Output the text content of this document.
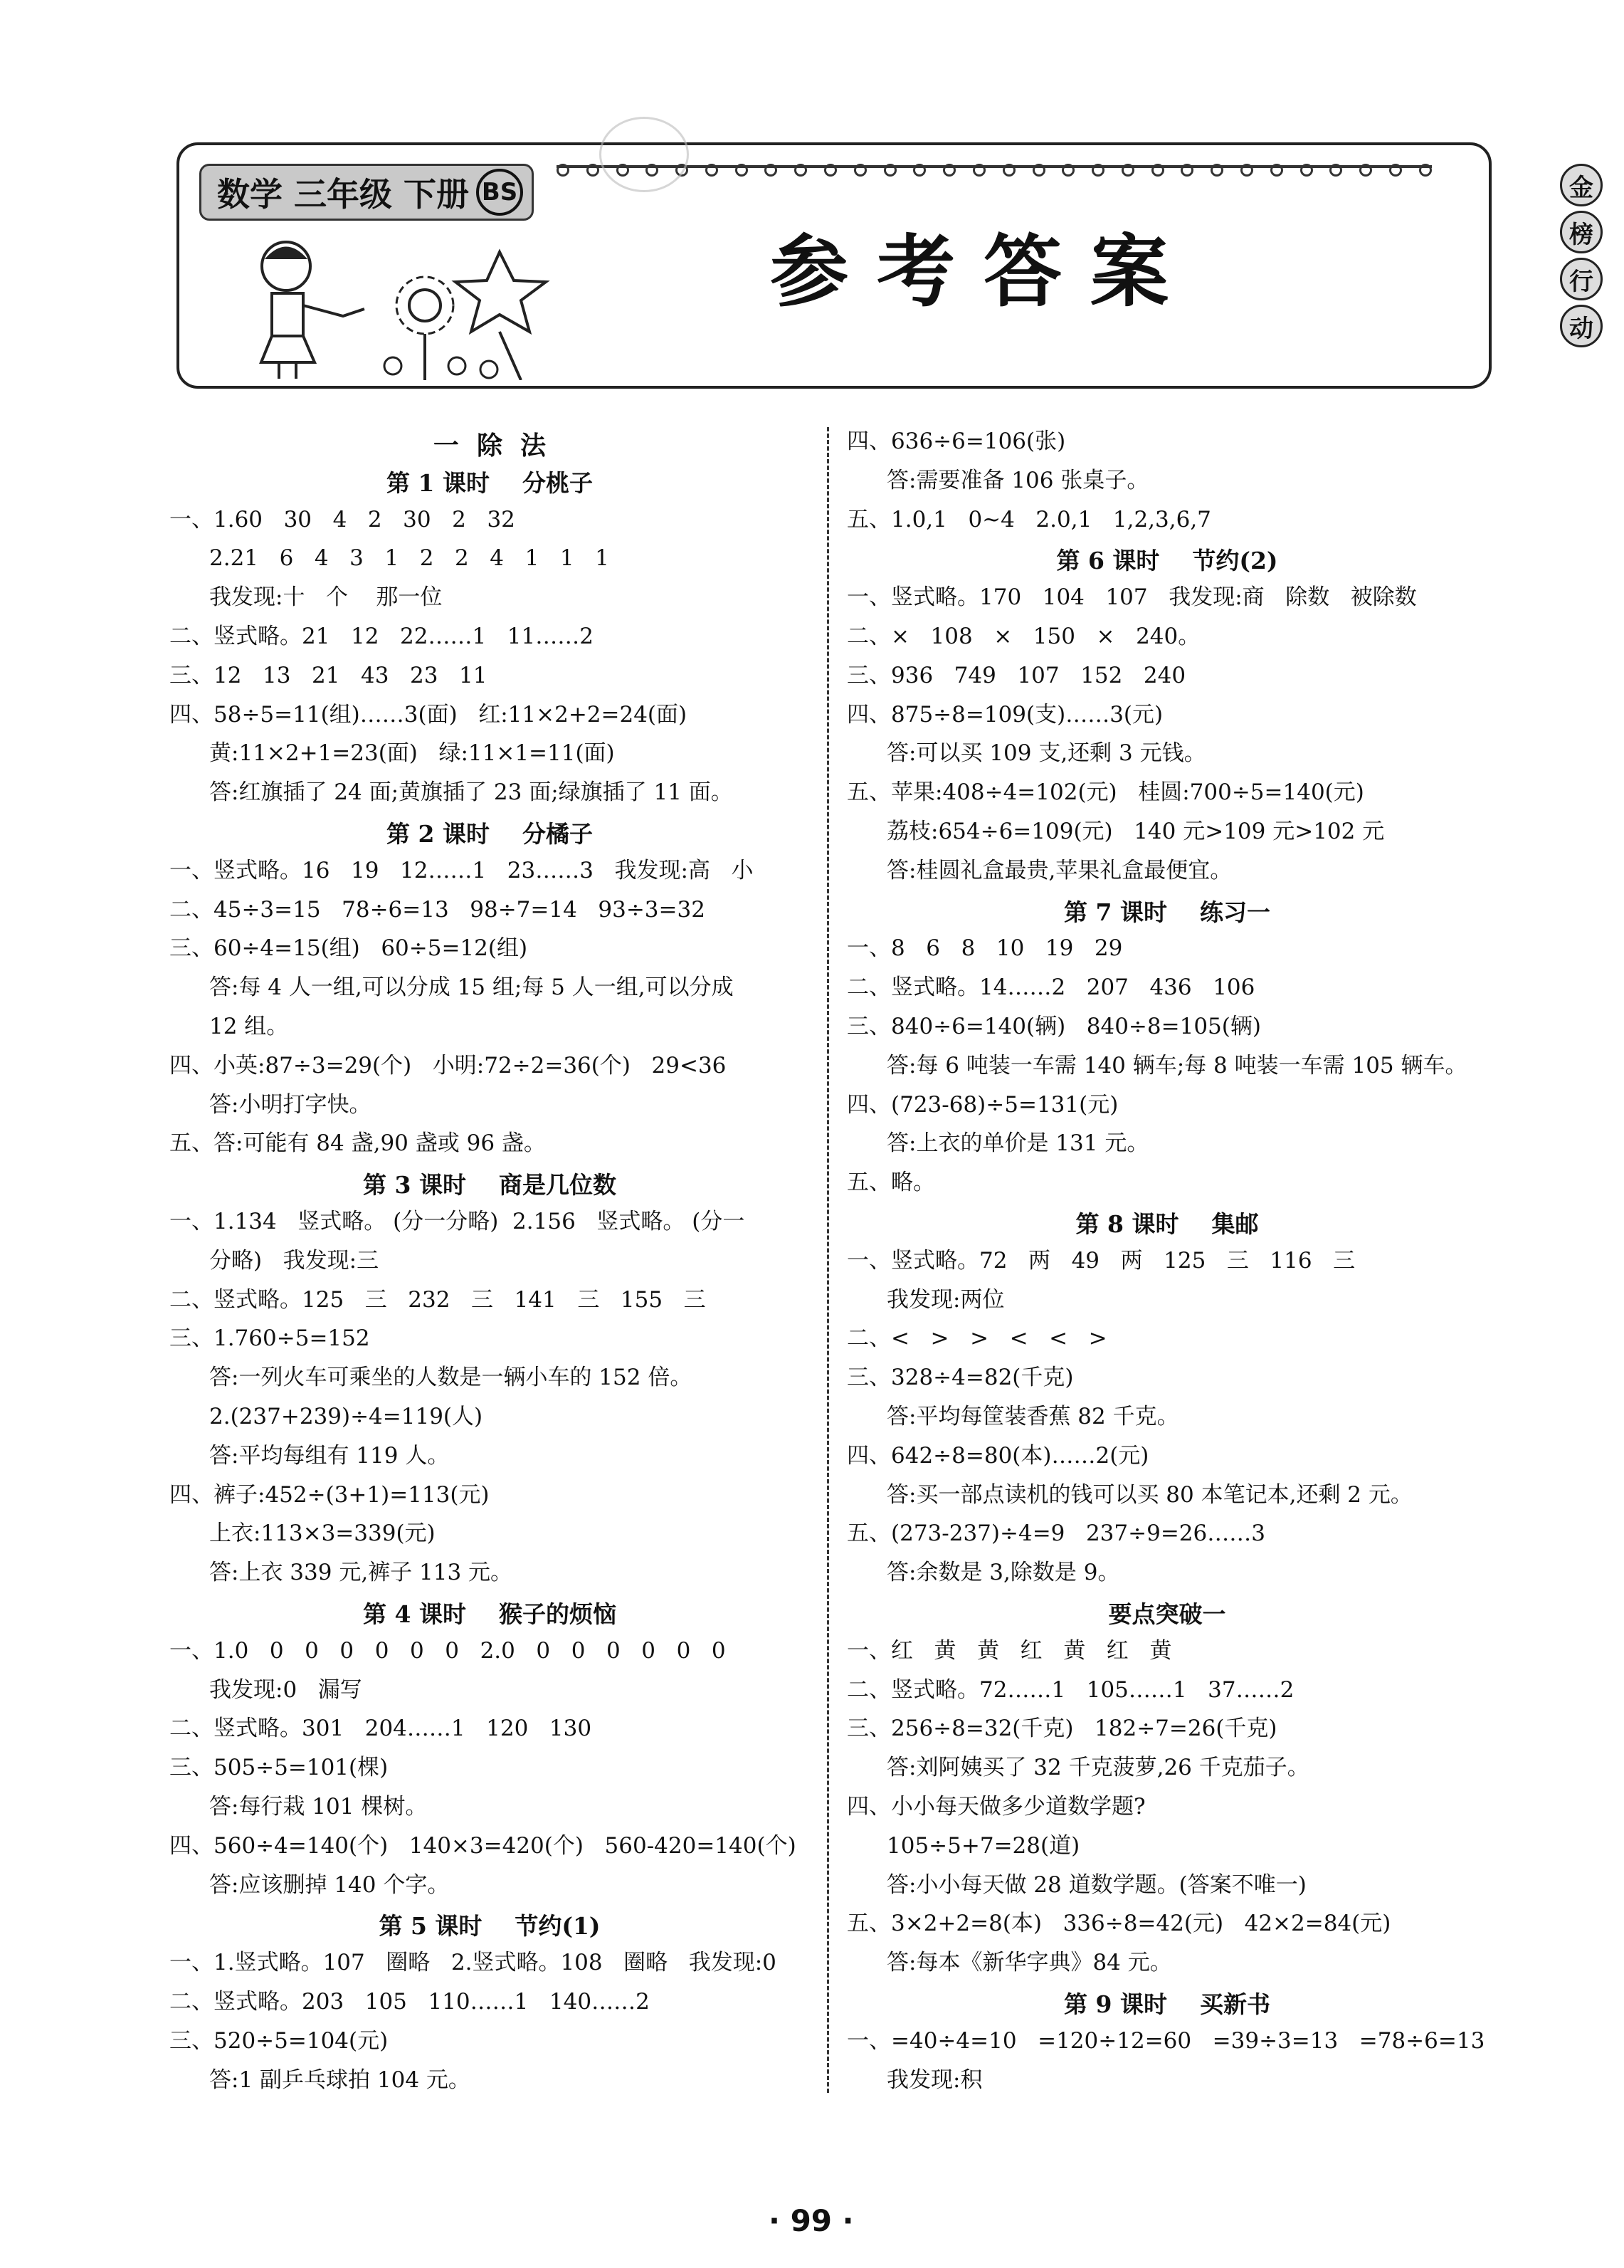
数学 三年级 下册 BS
参考答案
金
榜
行
动
一  除  法
第 1 课时    分桃子
一、1.60   30   4   2   30   2   32
2.21   6   4   3   1   2   2   4   1   1   1
我发现:十   个    那一位
二、竖式略。21   12   22……1   11……2
三、12   13   21   43   23   11
四、58÷5=11(组)……3(面)   红:11×2+2=24(面)
黄:11×2+1=23(面)   绿:11×1=11(面)
答:红旗插了 24 面;黄旗插了 23 面;绿旗插了 11 面。
第 2 课时    分橘子
一、竖式略。16   19   12……1   23……3   我发现:高   小
二、45÷3=15   78÷6=13   98÷7=14   93÷3=32
三、60÷4=15(组)   60÷5=12(组)
答:每 4 人一组,可以分成 15 组;每 5 人一组,可以分成
12 组。
四、小英:87÷3=29(个)   小明:72÷2=36(个)   29<36
答:小明打字快。
五、答:可能有 84 盏,90 盏或 96 盏。
第 3 课时    商是几位数
一、1.134   竖式略。 (分一分略)  2.156   竖式略。 (分一
分略)   我发现:三
二、竖式略。125   三   232   三   141   三   155   三
三、1.760÷5=152
答:一列火车可乘坐的人数是一辆小车的 152 倍。
2.(237+239)÷4=119(人)
答:平均每组有 119 人。
四、裤子:452÷(3+1)=113(元)
上衣:113×3=339(元)
答:上衣 339 元,裤子 113 元。
第 4 课时    猴子的烦恼
一、1.0   0   0   0   0   0   0   2.0   0   0   0   0   0   0
我发现:0   漏写
二、竖式略。301   204……1   120   130
三、505÷5=101(棵)
答:每行栽 101 棵树。
四、560÷4=140(个)   140×3=420(个)   560-420=140(个)
答:应该删掉 140 个字。
第 5 课时    节约(1)
一、1.竖式略。107   圈略   2.竖式略。108   圈略   我发现:0
二、竖式略。203   105   110……1   140……2
三、520÷5=104(元)
答:1 副乒乓球拍 104 元。
四、636÷6=106(张)
答:需要准备 106 张桌子。
五、1.0,1   0~4   2.0,1   1,2,3,6,7
第 6 课时    节约(2)
一、竖式略。170   104   107   我发现:商   除数   被除数
二、×   108   ×   150   ×   240。
三、936   749   107   152   240
四、875÷8=109(支)……3(元)
答:可以买 109 支,还剩 3 元钱。
五、苹果:408÷4=102(元)   桂圆:700÷5=140(元)
荔枝:654÷6=109(元)   140 元>109 元>102 元
答:桂圆礼盒最贵,苹果礼盒最便宜。
第 7 课时    练习一
一、8   6   8   10   19   29
二、竖式略。14……2   207   436   106
三、840÷6=140(辆)   840÷8=105(辆)
答:每 6 吨装一车需 140 辆车;每 8 吨装一车需 105 辆车。
四、(723-68)÷5=131(元)
答:上衣的单价是 131 元。
五、略。
第 8 课时    集邮
一、竖式略。72   两   49   两   125   三   116   三
我发现:两位
二、<   >   >   <   <   >
三、328÷4=82(千克)
答:平均每筐装香蕉 82 千克。
四、642÷8=80(本)……2(元)
答:买一部点读机的钱可以买 80 本笔记本,还剩 2 元。
五、(273-237)÷4=9   237÷9=26……3
答:余数是 3,除数是 9。
要点突破一
一、红   黄   黄   红   黄   红   黄
二、竖式略。72……1   105……1   37……2
三、256÷8=32(千克)   182÷7=26(千克)
答:刘阿姨买了 32 千克菠萝,26 千克茄子。
四、小小每天做多少道数学题?
105÷5+7=28(道)
答:小小每天做 28 道数学题。(答案不唯一)
五、3×2+2=8(本)   336÷8=42(元)   42×2=84(元)
答:每本《新华字典》84 元。
第 9 课时    买新书
一、=40÷4=10   =120÷12=60   =39÷3=13   =78÷6=13
我发现:积
· 99 ·
